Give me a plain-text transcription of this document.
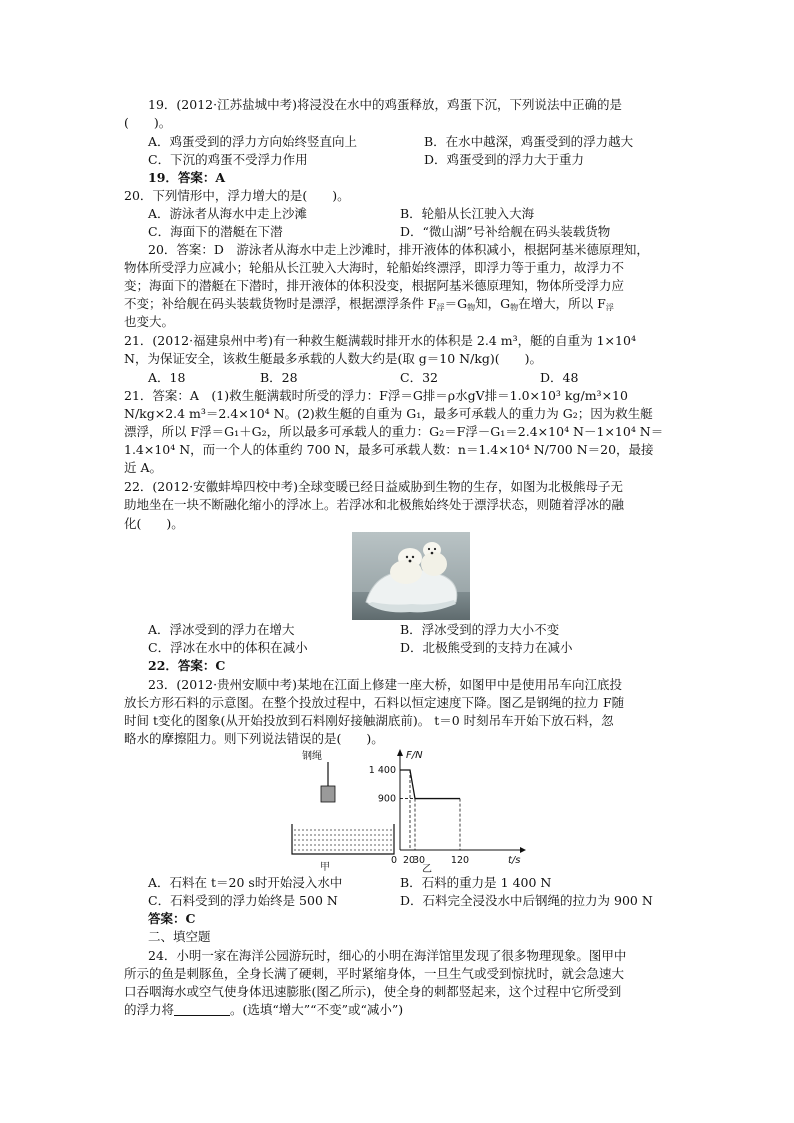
19．(2012·江苏盐城中考)将浸没在水中的鸡蛋释放，鸡蛋下沉，下列说法中正确的是
(　　)。
A．鸡蛋受到的浮力方向始终竖直向上	B．在水中越深，鸡蛋受到的浮力越大
C．下沉的鸡蛋不受浮力作用	D．鸡蛋受到的浮力大于重力
19．答案：A
20．下列情形中，浮力增大的是(　　)。
A．游泳者从海水中走上沙滩	B．轮船从长江驶入大海
C．海面下的潜艇在下潜	D．“微山湖”号补给舰在码头装载货物
20．答案：D　游泳者从海水中走上沙滩时，排开液体的体积减小，根据阿基米德原理知，
物体所受浮力应减小；轮船从长江驶入大海时，轮船始终漂浮，即浮力等于重力，故浮力不
变；海面下的潜艇在下潜时，排开液体的体积没变，根据阿基米德原理知，物体所受浮力应
不变；补给舰在码头装载货物时是漂浮，根据漂浮条件 $F_浮=G_物$知，$G_物$在增大，所以 $F_浮$
也变大。
21．(2012·福建泉州中考)有一种救生艇满载时排开水的体积是 2.4 m³，艇的自重为 1×10⁴
N，为保证安全，该救生艇最多承载的人数大约是(取 g＝10 N/kg)(　　)。
A．18	B．28	C．32	D．48
21．答案：A　(1)救生艇满载时所受的浮力：F浮＝G排＝ρ水gV排＝1.0×10³ kg/m³×10
N/kg×2.4 m³＝2.4×10⁴ N。(2)救生艇的自重为 G₁，最多可承载人的重力为 G₂；因为救生艇
漂浮，所以 F浮＝G₁＋G₂，所以最多可承载人的重力：G₂＝F浮－G₁＝2.4×10⁴ N－1×10⁴ N＝
1.4×10⁴ N，而一个人的体重约 700 N，最多可承载人数：n＝1.4×10⁴ N/700 N＝20，最接
近 A。
22．(2012·安徽蚌埠四校中考)全球变暖已经日益威胁到生物的生存，如图为北极熊母子无
助地坐在一块不断融化缩小的浮冰上。若浮冰和北极熊始终处于漂浮状态，则随着浮冰的融
化(　　)。
A．浮冰受到的浮力在增大	B．浮冰受到的浮力大小不变
C．浮冰在水中的体积在减小	D．北极熊受到的支持力在减小
22．答案：C
23．(2012·贵州安顺中考)某地在江面上修建一座大桥，如图甲中是使用吊车向江底投
放长方形石料的示意图。在整个投放过程中，石料以恒定速度下降。图乙是钢绳的拉力 F随
时间 t变化的图象(从开始投放到石料刚好接触湖底前)。 t＝0 时刻吊车开始下放石料，忽
略水的摩擦阻力。则下列说法错误的是(　　)。
钢绳
甲
F/N
t/s
乙
1 400
900
0 20
30	120
A．石料在 t＝20 s时开始浸入水中	B．石料的重力是 1 400 N
C．石料受到的浮力始终是 500 N	D．石料完全浸没水中后钢绳的拉力为 900 N
答案：C
二、填空题
24．小明一家在海洋公园游玩时，细心的小明在海洋馆里发现了很多物理现象。图甲中
所示的鱼是刺豚鱼，全身长满了硬刺，平时紧缩身体，一旦生气或受到惊扰时，就会急速大
口吞咽海水或空气使身体迅速膨胀(图乙所示)，使全身的刺都竖起来，这个过程中它所受到
的浮力将	。(选填“增大”“不变”或“减小”)
